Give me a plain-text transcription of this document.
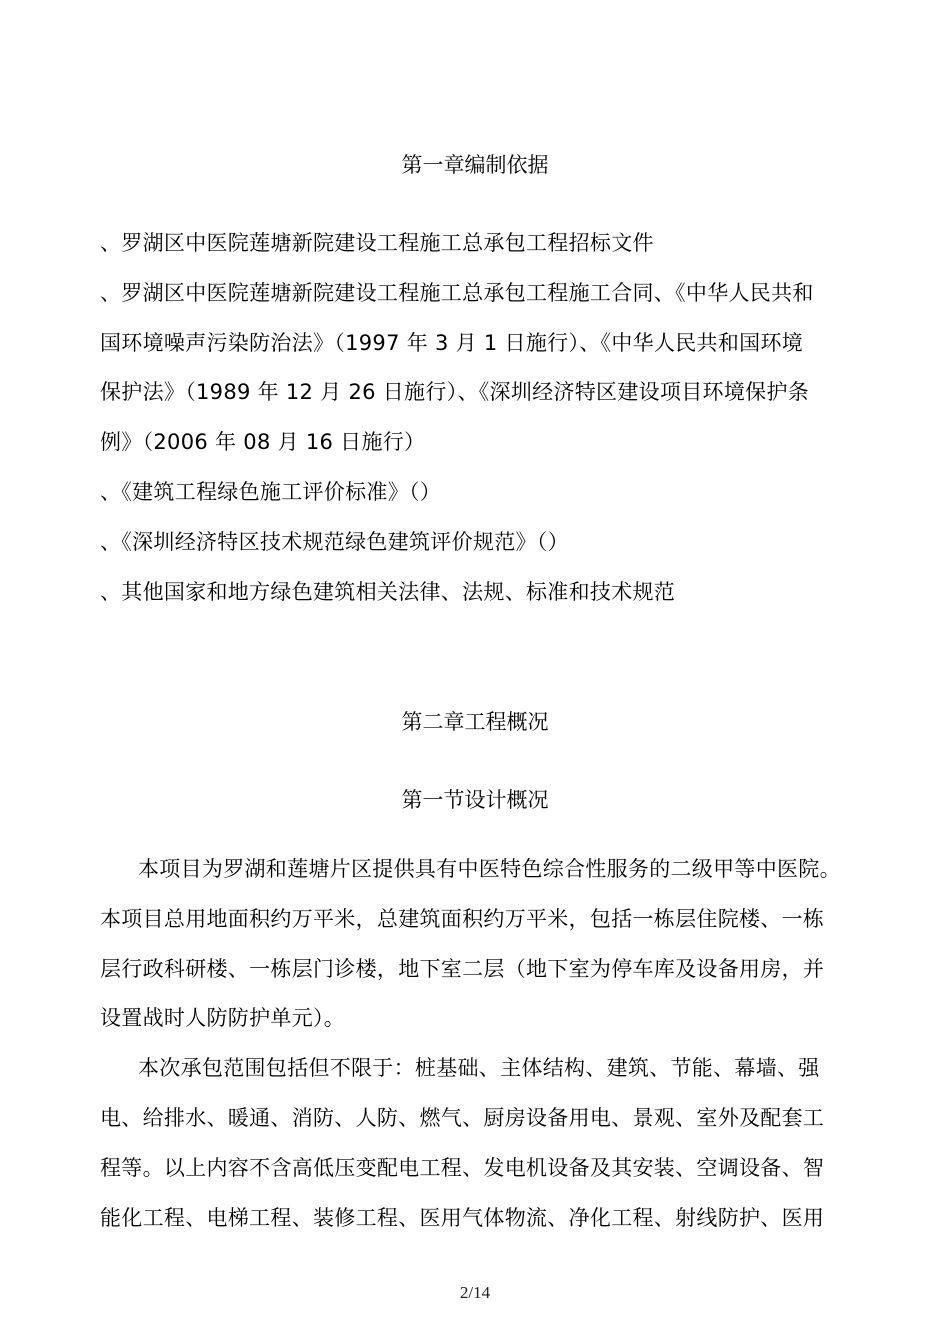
第一章编制依据
、罗湖区中医院莲塘新院建设工程施工总承包工程招标文件
、罗湖区中医院莲塘新院建设工程施工总承包工程施工合同、《中华人民共和
国环境噪声污染防治法》（1997 年 3 月 1 日施行）、《中华人民共和国环境
保护法》（1989 年 12 月 26 日施行）、《深圳经济特区建设项目环境保护条
例》（2006 年 08 月 16 日施行）
、《建筑工程绿色施工评价标准》（）
、《深圳经济特区技术规范绿色建筑评价规范》（）
、其他国家和地方绿色建筑相关法律、法规、标准和技术规范
第二章工程概况
第一节设计概况
本项目为罗湖和莲塘片区提供具有中医特色综合性服务的二级甲等中医院。
本项目总用地面积约万平米，总建筑面积约万平米，包括一栋层住院楼、一栋
层行政科研楼、一栋层门诊楼，地下室二层（地下室为停车库及设备用房，并
设置战时人防防护单元）。
本次承包范围包括但不限于：桩基础、主体结构、建筑、节能、幕墙、强
电、给排水、暖通、消防、人防、燃气、厨房设备用电、景观、室外及配套工
程等。以上内容不含高低压变配电工程、发电机设备及其安装、空调设备、智
能化工程、电梯工程、装修工程、医用气体物流、净化工程、射线防护、医用
2/14
